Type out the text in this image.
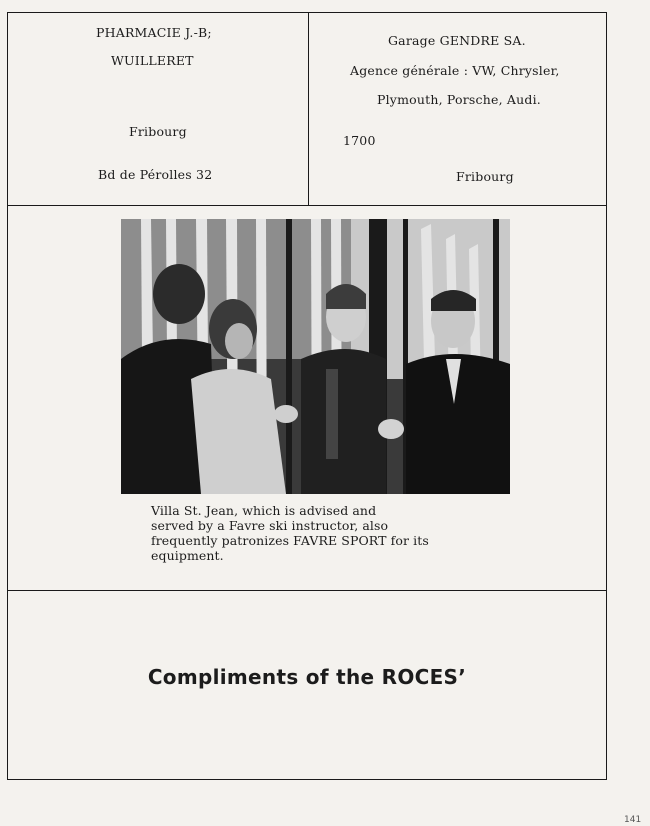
PHARMACIE J.-B;
WUILLERET
Fribourg
Bd de Pérolles 32
Garage GENDRE SA.
Agence générale : VW, Chrysler,
Plymouth, Porsche, Audi.
1700
Fribourg
Villa St. Jean, which is advised and
served by a Favre ski instructor, also
frequently patronizes FAVRE SPORT for its
equipment.
Compliments of the ROCES’
141
